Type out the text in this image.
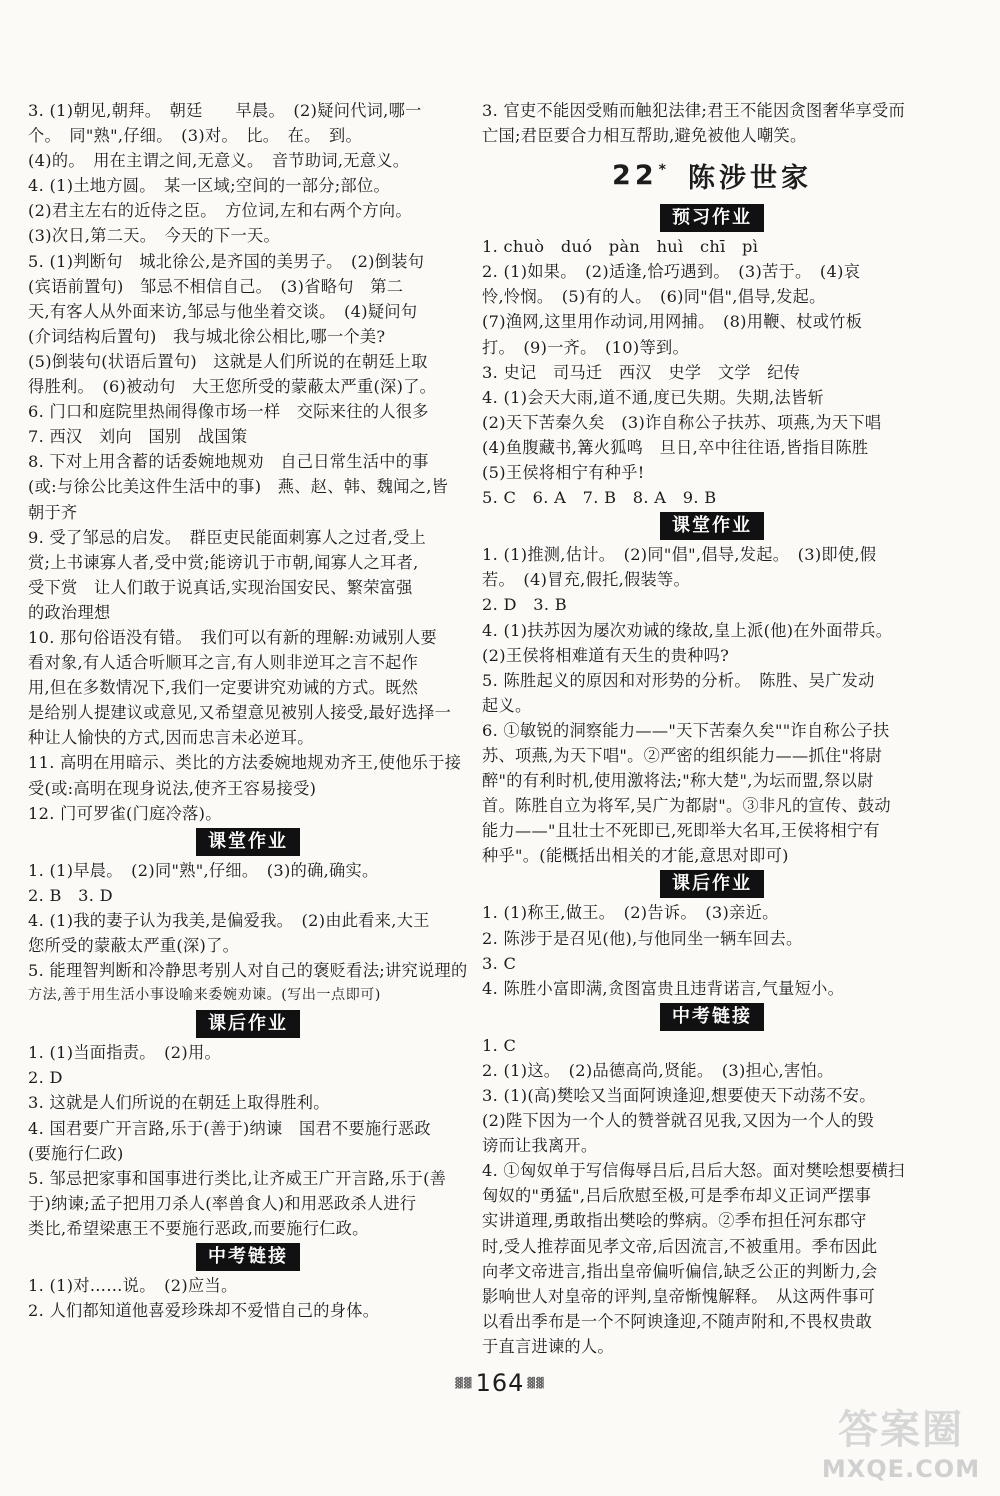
3. (1)朝见,朝拜。　朝廷　　早晨。　(2)疑问代词,哪一
个。　同"熟",仔细。　(3)对。　比。　在。　到。
(4)的。　用在主谓之间,无意义。　音节助词,无意义。
4. (1)土地方圆。　某一区域;空间的一部分;部位。
(2)君主左右的近侍之臣。　方位词,左和右两个方向。
(3)次日,第二天。　今天的下一天。
5. (1)判断句　城北徐公,是齐国的美男子。　(2)倒装句
(宾语前置句)　邹忌不相信自己。　(3)省略句　第二
天,有客人从外面来访,邹忌与他坐着交谈。　(4)疑问句
(介词结构后置句)　我与城北徐公相比,哪一个美?
(5)倒装句(状语后置句)　这就是人们所说的在朝廷上取
得胜利。　(6)被动句　大王您所受的蒙蔽太严重(深)了。
6. 门口和庭院里热闹得像市场一样　交际来往的人很多
7. 西汉　刘向　国别　战国策
8. 下对上用含蓄的话委婉地规劝　自己日常生活中的事
(或:与徐公比美这件生活中的事)　燕、赵、韩、魏闻之,皆
朝于齐
9. 受了邹忌的启发。　群臣吏民能面刺寡人之过者,受上
赏;上书谏寡人者,受中赏;能谤讥于市朝,闻寡人之耳者,
受下赏　让人们敢于说真话,实现治国安民、繁荣富强
的政治理想
10. 那句俗语没有错。　我们可以有新的理解:劝诫别人要
看对象,有人适合听顺耳之言,有人则非逆耳之言不起作
用,但在多数情况下,我们一定要讲究劝诫的方式。既然
是给别人提建议或意见,又希望意见被别人接受,最好选择一
种让人愉快的方式,因而忠言未必逆耳。
11. 高明在用暗示、类比的方法委婉地规劝齐王,使他乐于接
受(或:高明在现身说法,使齐王容易接受)
12. 门可罗雀(门庭冷落)。
课堂作业
1. (1)早晨。　(2)同"熟",仔细。　(3)的确,确实。
2. B　3. D
4. (1)我的妻子认为我美,是偏爱我。　(2)由此看来,大王
您所受的蒙蔽太严重(深)了。
5. 能理智判断和冷静思考别人对自己的褒贬看法;讲究说理的
方法,善于用生活小事设喻来委婉劝谏。(写出一点即可)
课后作业
1. (1)当面指责。　(2)用。
2. D
3. 这就是人们所说的在朝廷上取得胜利。
4. 国君要广开言路,乐于(善于)纳谏　国君不要施行恶政
(要施行仁政)
5. 邹忌把家事和国事进行类比,让齐威王广开言路,乐于(善
于)纳谏;孟子把用刀杀人(率兽食人)和用恶政杀人进行
类比,希望梁惠王不要施行恶政,而要施行仁政。
中考链接
1. (1)对……说。　(2)应当。
2. 人们都知道他喜爱珍珠却不爱惜自己的身体。
3. 官吏不能因受贿而触犯法律;君王不能因贪图奢华享受而
亡国;君臣要合力相互帮助,避免被他人嘲笑。
22* 陈涉世家
预习作业
1. chuò　duó　pàn　huì　chī　pì
2. (1)如果。　(2)适逢,恰巧遇到。　(3)苦于。　(4)哀
怜,怜悯。　(5)有的人。　(6)同"倡",倡导,发起。
(7)渔网,这里用作动词,用网捕。　(8)用鞭、杖或竹板
打。　(9)一齐。　(10)等到。
3. 史记　司马迁　西汉　史学　文学　纪传
4. (1)会天大雨,道不通,度已失期。失期,法皆斩
(2)天下苦秦久矣　(3)诈自称公子扶苏、项燕,为天下唱
(4)鱼腹藏书,篝火狐鸣　旦日,卒中往往语,皆指目陈胜
(5)王侯将相宁有种乎!
5. C　6. A　7. B　8. A　9. B
课堂作业
1. (1)推测,估计。　(2)同"倡",倡导,发起。　(3)即使,假
若。　(4)冒充,假托,假装等。
2. D　3. B
4. (1)扶苏因为屡次劝诫的缘故,皇上派(他)在外面带兵。
(2)王侯将相难道有天生的贵种吗?
5. 陈胜起义的原因和对形势的分析。　陈胜、吴广发动
起义。
6. ①敏锐的洞察能力——"天下苦秦久矣""诈自称公子扶
苏、项燕,为天下唱"。②严密的组织能力——抓住"将尉
醉"的有利时机,使用激将法;"称大楚",为坛而盟,祭以尉
首。陈胜自立为将军,吴广为都尉"。③非凡的宣传、鼓动
能力——"且壮士不死即已,死即举大名耳,王侯将相宁有
种乎"。(能概括出相关的才能,意思对即可)
课后作业
1. (1)称王,做王。　(2)告诉。　(3)亲近。
2. 陈涉于是召见(他),与他同坐一辆车回去。
3. C
4. 陈胜小富即满,贪图富贵且违背诺言,气量短小。
中考链接
1. C
2. (1)这。　(2)品德高尚,贤能。　(3)担心,害怕。
3. (1)(高)樊哙又当面阿谀逢迎,想要使天下动荡不安。
(2)陛下因为一个人的赞誉就召见我,又因为一个人的毁
谤而让我离开。
4. ①匈奴单于写信侮辱吕后,吕后大怒。面对樊哙想要横扫
匈奴的"勇猛",吕后欣慰至极,可是季布却义正词严摆事
实讲道理,勇敢指出樊哙的弊病。②季布担任河东郡守
时,受人推荐面见孝文帝,后因流言,不被重用。季布因此
向孝文帝进言,指出皇帝偏听偏信,缺乏公正的判断力,会
影响世人对皇帝的评判,皇帝惭愧解释。　从这两件事可
以看出季布是一个不阿谀逢迎,不随声附和,不畏权贵敢
于直言进谏的人。
▓▓ 164 ▓▓
答案圈
MXQE.COM
